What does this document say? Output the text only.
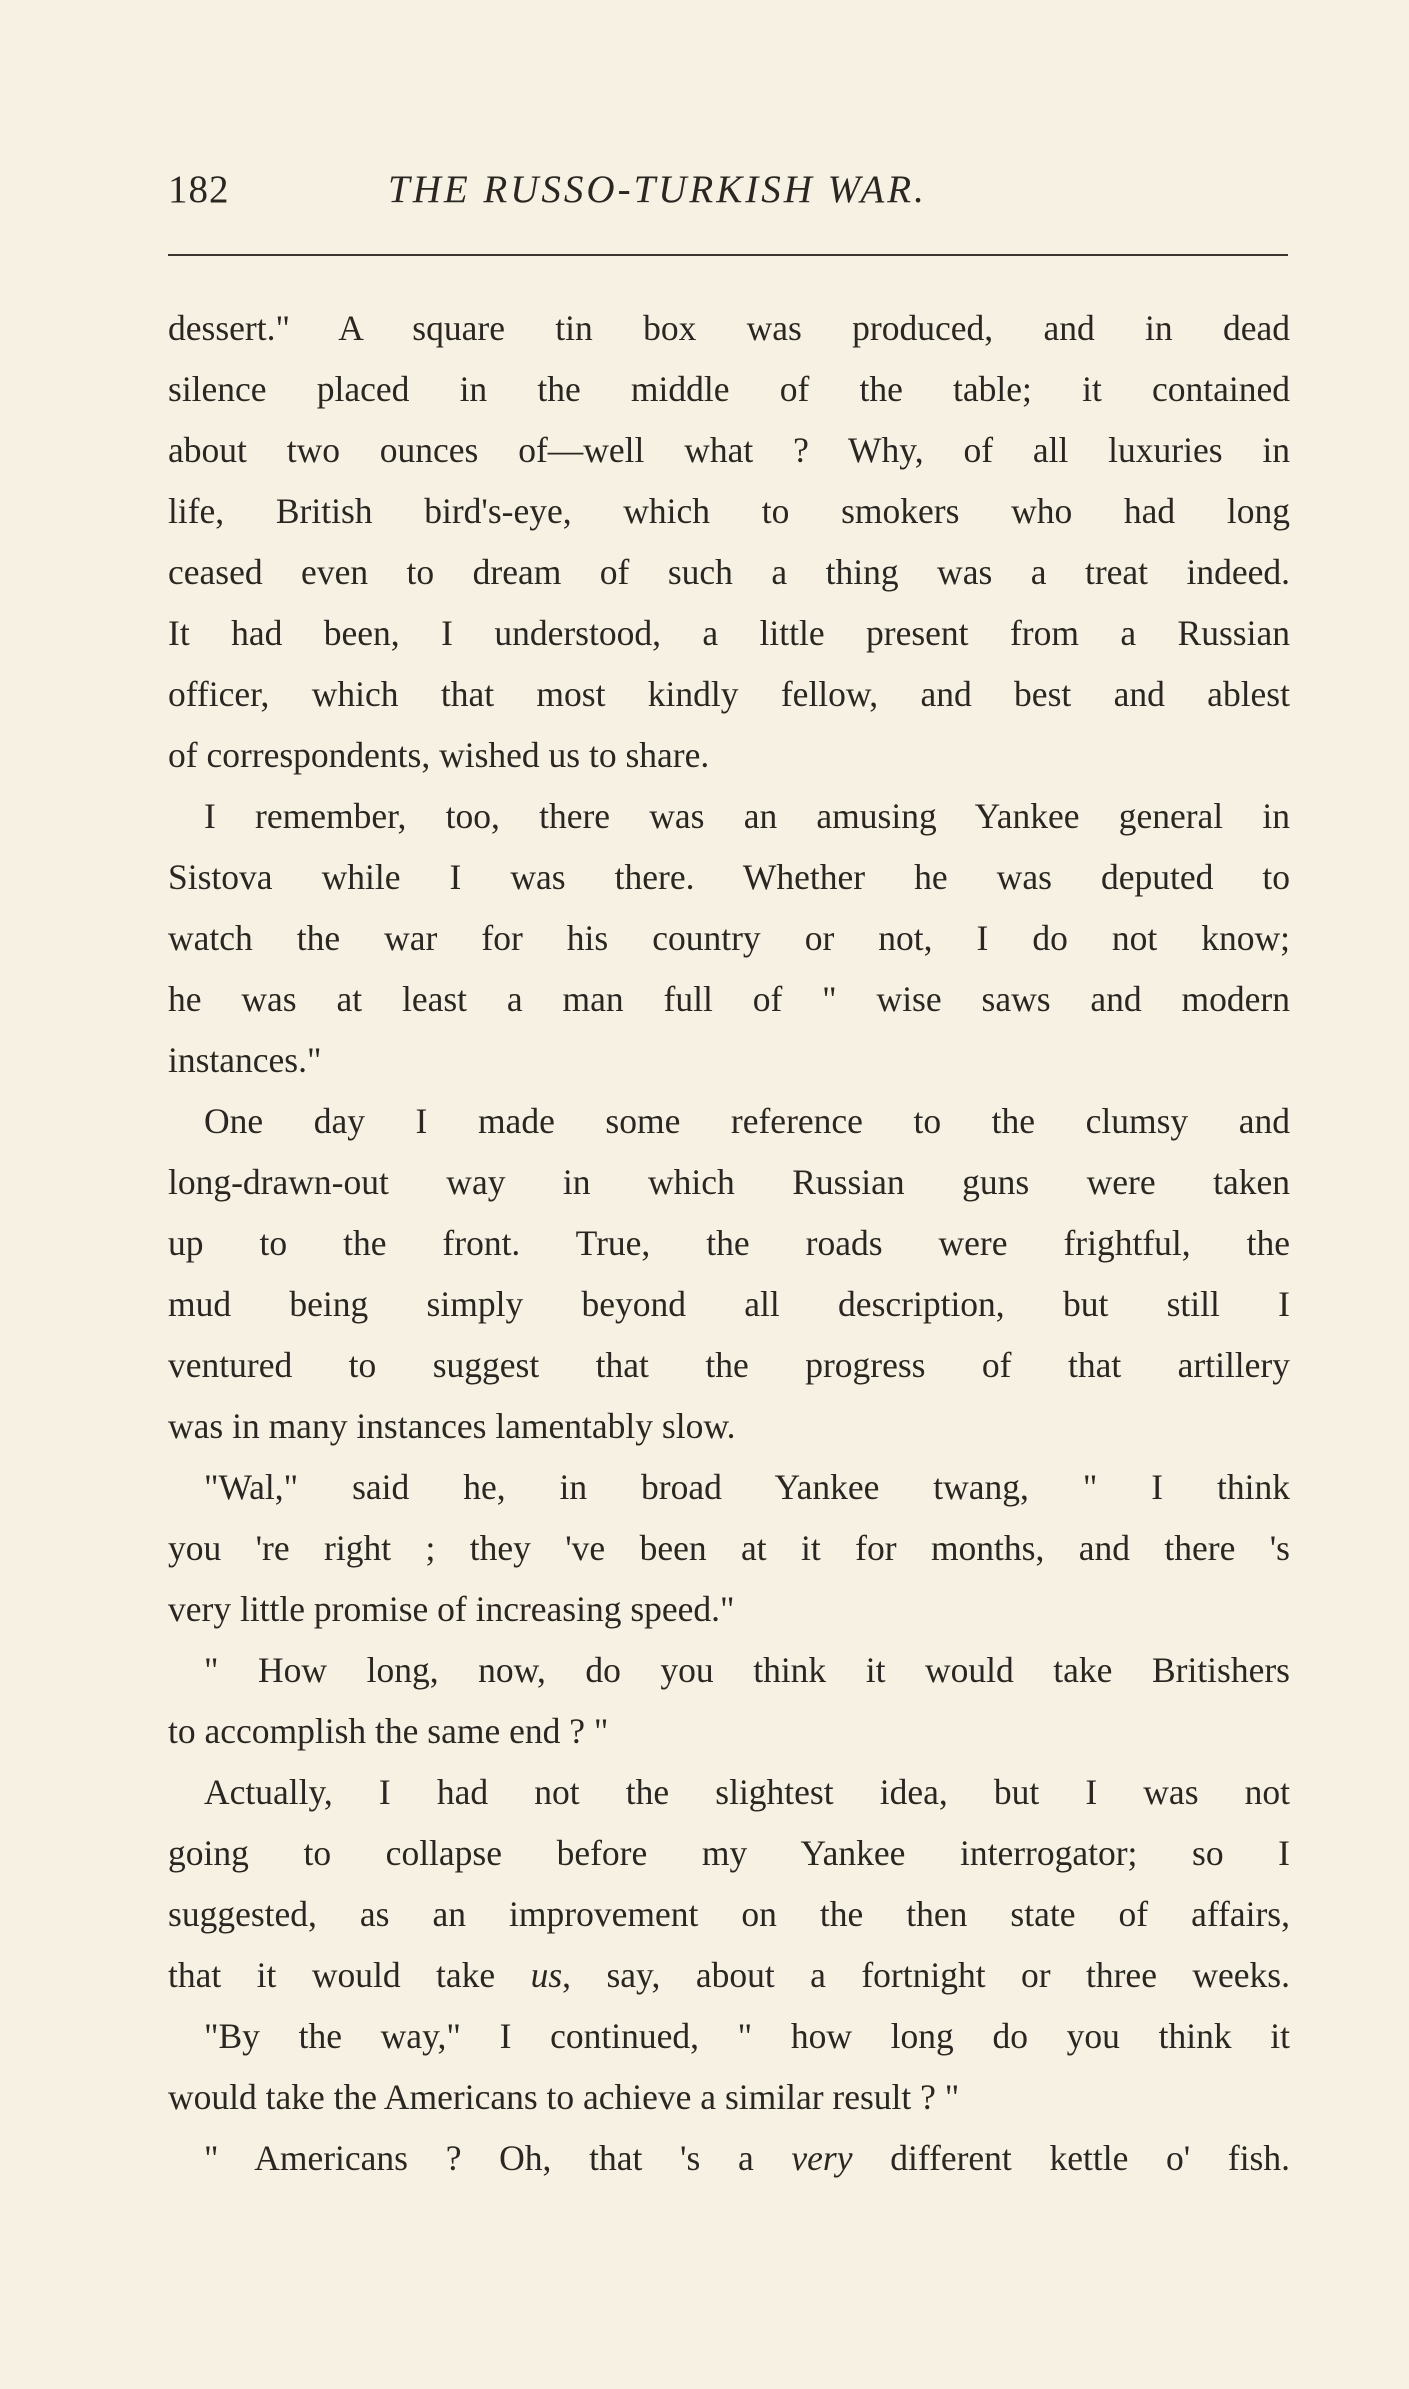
182	THE RUSSO-TURKISH WAR.
dessert." A square tin box was produced, and in dead
silence placed in the middle of the table; it contained
about two ounces of—well what ? Why, of all luxuries in
life, British bird's-eye, which to smokers who had long
ceased even to dream of such a thing was a treat indeed.
It had been, I understood, a little present from a Russian
officer, which that most kindly fellow, and best and ablest
of correspondents, wished us to share.
I remember, too, there was an amusing Yankee general in
Sistova while I was there. Whether he was deputed to
watch the war for his country or not, I do not know;
he was at least a man full of " wise saws and modern
instances."
One day I made some reference to the clumsy and
long-drawn-out way in which Russian guns were taken
up to the front. True, the roads were frightful, the
mud being simply beyond all description, but still I
ventured to suggest that the progress of that artillery
was in many instances lamentably slow.
"Wal," said he, in broad Yankee twang, " I think
you 're right ; they 've been at it for months, and there 's
very little promise of increasing speed."
" How long, now, do you think it would take Britishers
to accomplish the same end ? "
Actually, I had not the slightest idea, but I was not
going to collapse before my Yankee interrogator; so I
suggested, as an improvement on the then state of affairs,
that it would take us, say, about a fortnight or three weeks.
"By the way," I continued, " how long do you think it
would take the Americans to achieve a similar result ? "
" Americans ? Oh, that 's a very different kettle o' fish.
